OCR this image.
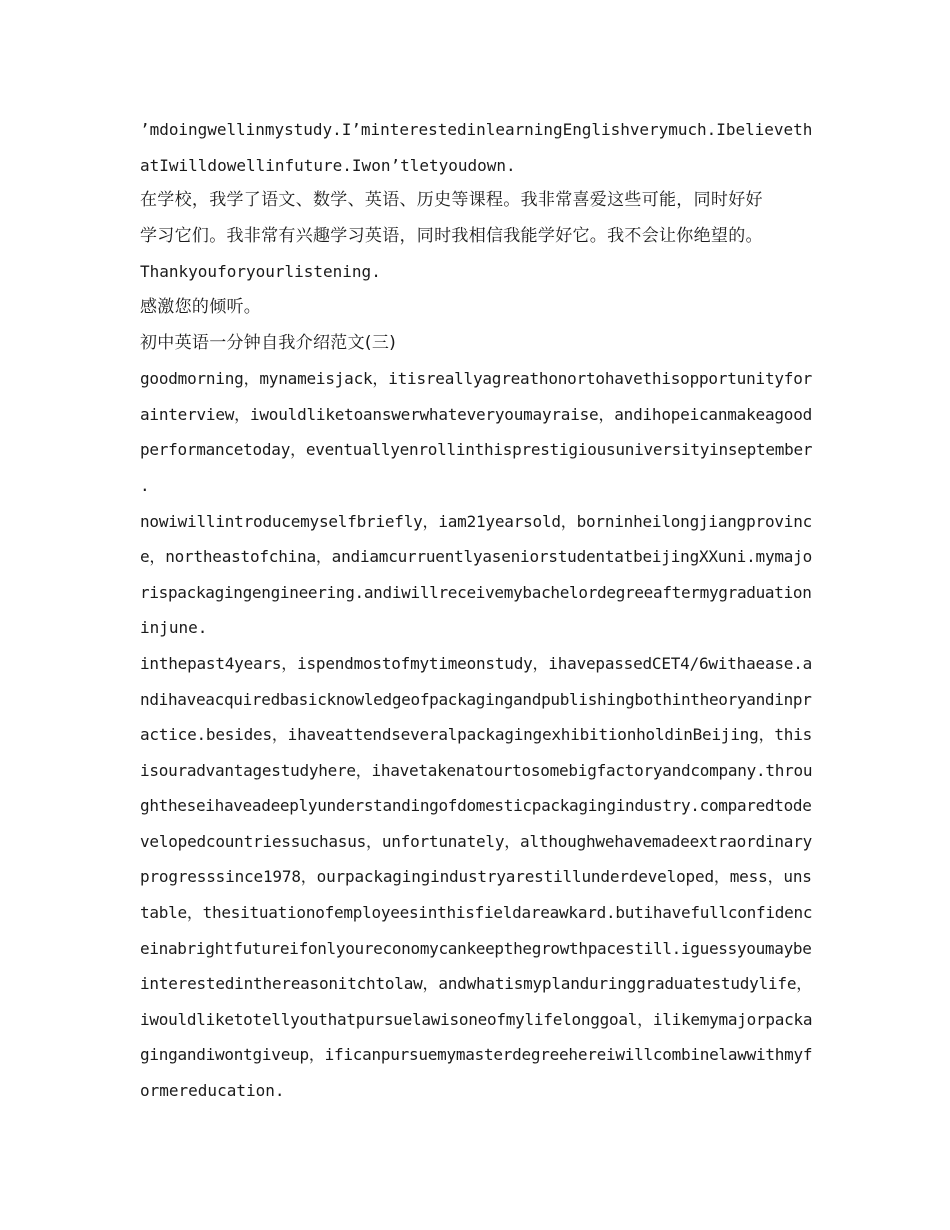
’mdoingwellinmystudy.I’minterestedinlearningEnglishverymuch.Ibelieveth
atIwilldowellinfuture.Iwon’tletyoudown.
在学校，我学了语文、数学、英语、历史等课程。我非常喜爱这些可能，同时好好
学习它们。我非常有兴趣学习英语，同时我相信我能学好它。我不会让你绝望的。
Thankyouforyourlistening.
感激您的倾听。
初中英语一分钟自我介绍范文(三)
goodmorning，mynameisjack，itisreallyagreathonortohavethisopportunityfor
ainterview，iwouldliketoanswerwhateveryoumayraise，andihopeicanmakeagood
performancetoday，eventuallyenrollinthisprestigiousuniversityinseptember
.
nowiwillintroducemyselfbriefly，iam21yearsold，borninheilongjiangprovinc
e，northeastofchina，andiamcurruentlyaseniorstudentatbeijingXXuni.mymajo
rispackagingengineering.andiwillreceivemybachelordegreeaftermygraduation
injune.
inthepast4years，ispendmostofmytimeonstudy，ihavepassedCET4/6withaease.a
ndihaveacquiredbasicknowledgeofpackagingandpublishingbothintheoryandinpr
actice.besides，ihaveattendseveralpackagingexhibitionholdinBeijing，this
isouradvantagestudyhere，ihavetakenatourtosomebigfactoryandcompany.throu
ghtheseihaveadeeplyunderstandingofdomesticpackagingindustry.comparedtode
velopedcountriessuchasus，unfortunately，althoughwehavemadeextraordinary
progresssince1978，ourpackagingindustryarestillunderdeveloped，mess，uns
table，thesituationofemployeesinthisfieldareawkard.butihavefullconfidenc
einabrightfutureifonlyoureconomycankeepthegrowthpacestill.iguessyoumaybe
interestedinthereasonitchtolaw，andwhatismyplanduringgraduatestudylife，
iwouldliketotellyouthatpursuelawisoneofmylifelonggoal，ilikemymajorpacka
gingandiwontgiveup，ificanpursuemymasterdegreehereiwillcombinelawwithmyf
ormereducation.
